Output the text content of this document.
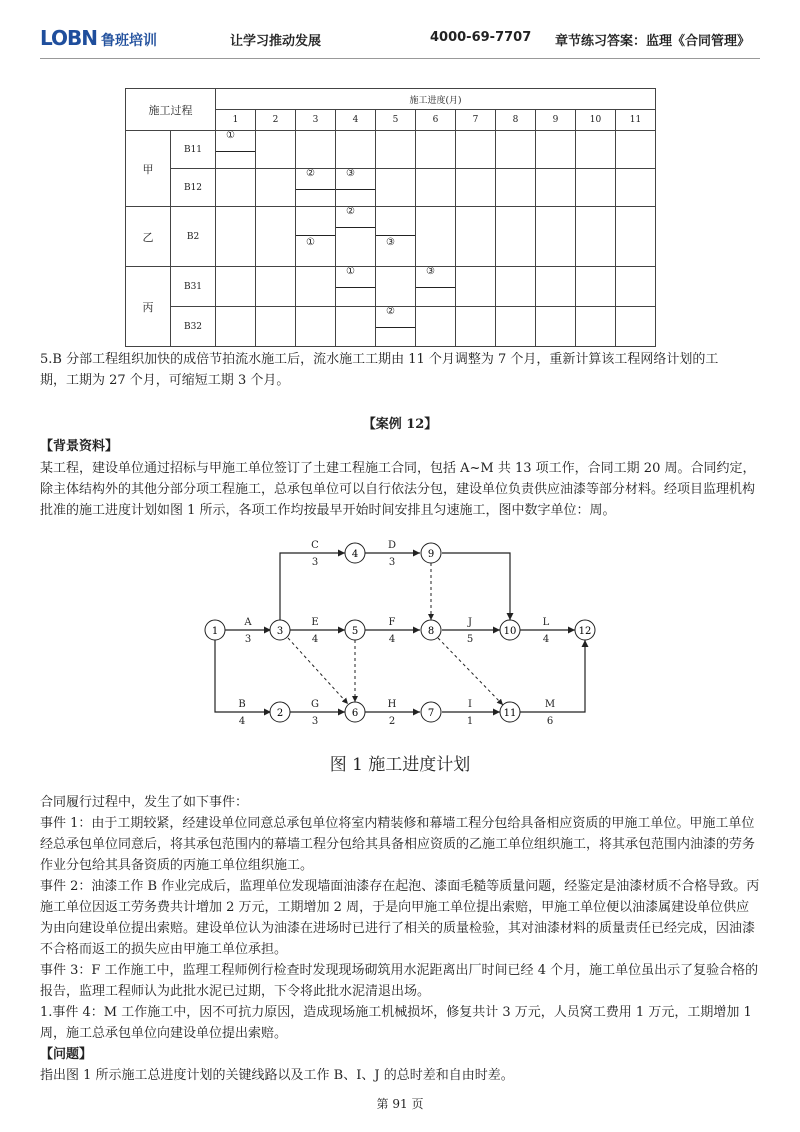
LOBN 鲁班培训	让学习推动发展	4000-69-7707 章节练习答案：监理《合同管理》
施工过程		施工进度(月)										
		1	2	3	4	5	6	7	8	9	10	11
甲	B11	①										

	B12			②	③							

乙	B2			①	②	③						

丙	B31				①		③					

	B32					②						

5.B 分部工程组织加快的成倍节拍流水施工后，流水施工工期由 11 个月调整为 7 个月，重新计算该工程网络计划的工
期，工期为 27 个月，可缩短工期 3 个月。
【案例 12】
【背景资料】
某工程，建设单位通过招标与甲施工单位签订了土建工程施工合同，包括 A~M 共 13 项工作，合同工期 20 周。合同约定，除主体结构外的其他分部分项工程施工，总承包单位可以自行依法分包，建设单位负责供应油漆等部分材料。经项目监理机构批准的施工进度计划如图 1 所示，各项工作均按最早开始时间安排且匀速施工，图中数字单位：周。
A
3
B
4
C
3
D
3
E
4
F
4
G
3
H
2
I
1
J
5
L
4
M
6
1
2
3
4
5
6	7
8
9
10
11
12
图 1 施工进度计划
合同履行过程中，发生了如下事件：
事件 1：由于工期较紧，经建设单位同意总承包单位将室内精装修和幕墙工程分包给具备相应资质的甲施工单位。甲施工单位经总承包单位同意后，将其承包范围内的幕墙工程分包给其具备相应资质的乙施工单位组织施工，将其承包范围内油漆的劳务作业分包给其具备资质的丙施工单位组织施工。
事件 2：油漆工作 B 作业完成后，监理单位发现墙面油漆存在起泡、漆面毛糙等质量问题，经鉴定是油漆材质不合格导致。丙施工单位因返工劳务费共计增加 2 万元，工期增加 2 周，于是向甲施工单位提出索赔，甲施工单位便以油漆属建设单位供应为由向建设单位提出索赔。建设单位认为油漆在进场时已进行了相关的质量检验，其对油漆材料的质量责任已经完成，因油漆不合格而返工的损失应由甲施工单位承担。
事件 3：F 工作施工中，监理工程师例行检查时发现现场砌筑用水泥距离出厂时间已经 4 个月，施工单位虽出示了复验合格的报告，监理工程师认为此批水泥已过期，下令将此批水泥清退出场。
1.事件 4：M 工作施工中，因不可抗力原因，造成现场施工机械损坏，修复共计 3 万元，人员窝工费用 1 万元，工期增加 1 周，施工总承包单位向建设单位提出索赔。
【问题】
指出图 1 所示施工总进度计划的关键线路以及工作 B、I、J 的总时差和自由时差。
第 91 页
